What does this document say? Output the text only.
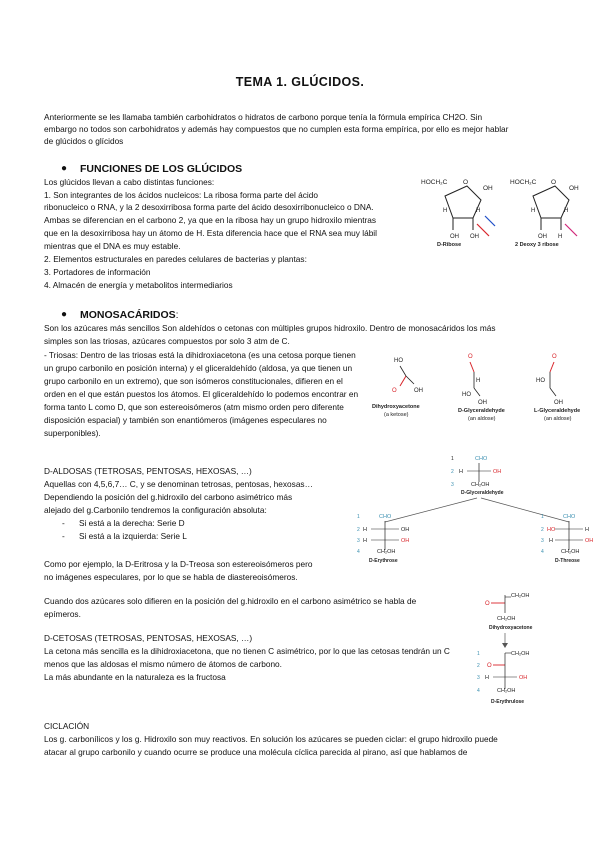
TEMA 1. GLÚCIDOS.
Anteriormente se les llamaba también carbohidratos o hidratos de carbono porque tenía la fórmula empírica CH2O. Sin
embargo no todos son carbohidratos y además hay compuestos que no cumplen esta forma empírica, por ello es mejor hablar
de glúcidos o glícidos
● FUNCIONES DE LOS GLÚCIDOS
Los glúcidos llevan a cabo distintas funciones:
1. Son integrantes de los ácidos nucleicos: La ribosa forma parte del ácido
ribonucleico o RNA, y la 2 desoxirribosa forma parte del ácido desoxirribonucleico o DNA.
Ambas se diferencian en el carbono 2, ya que en la ribosa hay un grupo hidroxilo mientras
que en la desoxirribosa hay un átomo de H. Esta diferencia hace que el RNA sea muy lábil
mientras que el DNA es muy estable.
2. Elementos estructurales en paredes celulares de bacterias y plantas:
3. Portadores de información
4. Almacén de energía y metabolitos intermediarios
HOCH₂C O
OH
OH OH
H	H
D-Ribose
HOCH₂C O
OH
OH H
H	H
2 Deoxy 3 ribose
● MONOSACÁRIDOS:
Son los azúcares más sencillos Son aldehídos o cetonas con múltiples grupos hidroxilo. Dentro de monosacáridos los más
simples son las triosas, azúcares compuestos por solo 3 atm de C.
- Triosas: Dentro de las triosas está la dihidroxiacetona (es una cetosa porque tienen
un grupo carbonilo en posición interna) y el gliceraldehído (aldosa, ya que tienen un
grupo carbonilo en un extremo), que son isómeros constitucionales, difieren en el
orden en el que están puestos los átomos. El gliceraldehído lo podemos encontrar en
forma tanto L como D, que son estereoisómeros (atm mismo orden pero diferente
disposición espacial) y también son enantiómeros (imágenes especulares no
superponibles).
HO
O	OH
Dihydroxyacetone
(a ketose)
O
H
OH
HO
D-Glyceraldehyde
(an aldose)
O
HO
OH
L-Glyceraldehyde
(an aldose)
D-ALDOSAS (TETROSAS, PENTOSAS, HEXOSAS, …)
Aquellas con 4,5,6,7… C, y se denominan tetrosas, pentosas, hexosas…
Dependiendo la posición del g.hidroxilo del carbono asimétrico más
alejado del g.Carbonilo tendremos la configuración absoluta:
- Si está a la derecha: Serie D
- Si está a la izquierda: Serie L
Como por ejemplo, la D-Eritrosa y la D-Treosa son estereoisómeros pero
no imágenes especulares, por lo que se habla de diastereoisómeros.
Cuando dos azúcares solo difieren en la posición del g.hidroxilo en el carbono asimétrico se habla de
epímeros.
1	CHO
2 H	OH
3	CH₂OH
D-Glyceraldehyde
1	CHO
2 H	OH
3 H	OH
4	CH₂OH
D-Erythrose
1	CHO
2 HO	H
3 H	OH
4	CH₂OH
D-Threose
D-CETOSAS (TETROSAS, PENTOSAS, HEXOSAS, …)
La cetona más sencilla es la dihidroxiacetona, que no tienen C asimétrico, por lo que las cetosas tendrán un C
menos que las aldosas el mismo número de átomos de carbono.
La más abundante en la naturaleza es la fructosa
CH₂OH
O
CH₂OH
Dihydroxyacetone
1	CH₂OH
2 O
3 H	OH
4	CH₂OH
D-Erythrulose
CICLACIÓN
Los g. carbonílicos y los g. Hidroxilo son muy reactivos. En solución los azúcares se pueden ciclar: el grupo hidroxilo puede
atacar al grupo carbonilo y cuando ocurre se produce una molécula cíclica parecida al pirano, así que hablamos de
